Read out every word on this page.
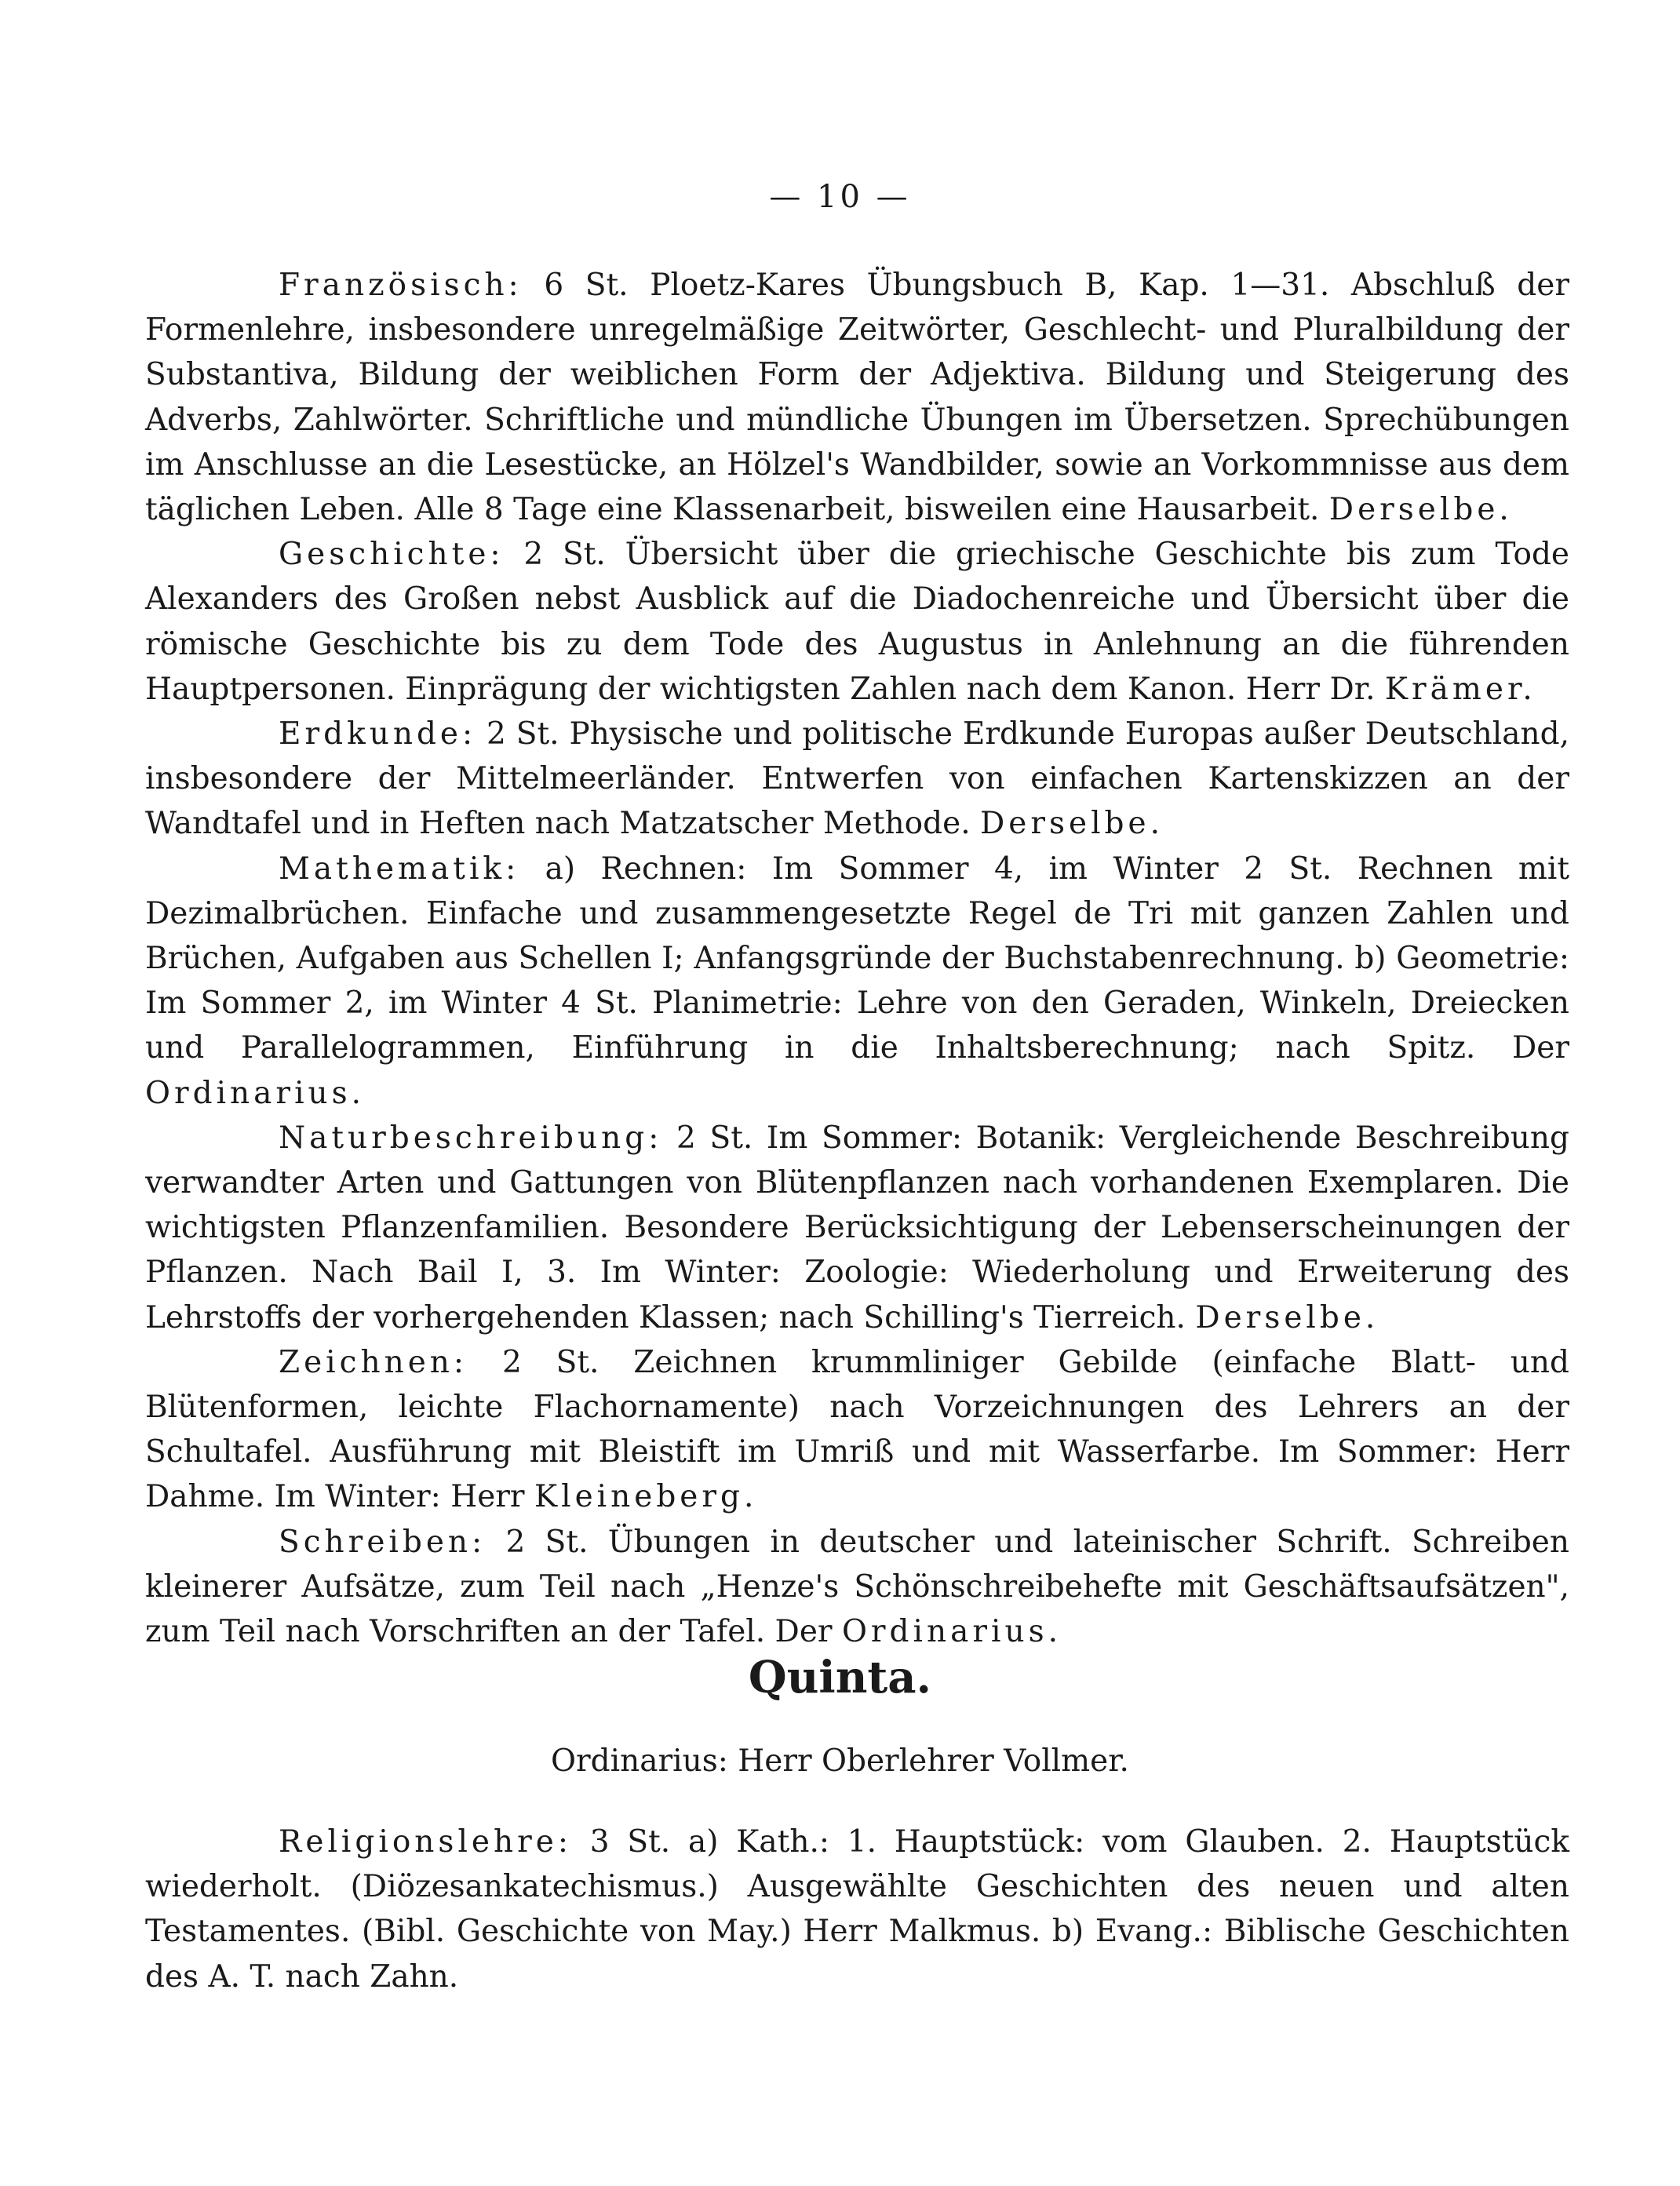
— 10 —

Französisch: 6 St. Ploetz-Kares Übungsbuch B, Kap. 1—31. Abschluß der Formenlehre, insbesondere unregelmäßige Zeitwörter, Geschlecht- und Pluralbildung der Substantiva, Bildung der weiblichen Form der Adjektiva. Bildung und Steigerung des Adverbs, Zahlwörter. Schriftliche und mündliche Übungen im Übersetzen. Sprechübungen im Anschlusse an die Lesestücke, an Hölzel's Wandbilder, sowie an Vorkommnisse aus dem täglichen Leben. Alle 8 Tage eine Klassenarbeit, bisweilen eine Hausarbeit. Derselbe.

Geschichte: 2 St. Übersicht über die griechische Geschichte bis zum Tode Alexanders des Großen nebst Ausblick auf die Diadochenreiche und Übersicht über die römische Geschichte bis zu dem Tode des Augustus in Anlehnung an die führenden Hauptpersonen. Einprägung der wichtigsten Zahlen nach dem Kanon. Herr Dr. Krämer.

Erdkunde: 2 St. Physische und politische Erdkunde Europas außer Deutschland, insbesondere der Mittelmeerländer. Entwerfen von einfachen Kartenskizzen an der Wandtafel und in Heften nach Matzatscher Methode. Derselbe.

Mathematik: a) Rechnen: Im Sommer 4, im Winter 2 St. Rechnen mit Dezimalbrüchen. Einfache und zusammengesetzte Regel de Tri mit ganzen Zahlen und Brüchen, Aufgaben aus Schellen I; Anfangsgründe der Buchstabenrechnung. b) Geometrie: Im Sommer 2, im Winter 4 St. Planimetrie: Lehre von den Geraden, Winkeln, Dreiecken und Parallelogrammen, Einführung in die Inhaltsberechnung; nach Spitz. Der Ordinarius.

Naturbeschreibung: 2 St. Im Sommer: Botanik: Vergleichende Beschreibung verwandter Arten und Gattungen von Blütenpflanzen nach vorhandenen Exemplaren. Die wichtigsten Pflanzenfamilien. Besondere Berücksichtigung der Lebenserscheinungen der Pflanzen. Nach Bail I, 3. Im Winter: Zoologie: Wiederholung und Erweiterung des Lehrstoffs der vorhergehenden Klassen; nach Schilling's Tierreich. Derselbe.

Zeichnen: 2 St. Zeichnen krummliniger Gebilde (einfache Blatt- und Blütenformen, leichte Flachornamente) nach Vorzeichnungen des Lehrers an der Schultafel. Ausführung mit Bleistift im Umriß und mit Wasserfarbe. Im Sommer: Herr Dahme. Im Winter: Herr Kleineberg.

Schreiben: 2 St. Übungen in deutscher und lateinischer Schrift. Schreiben kleinerer Aufsätze, zum Teil nach „Henze's Schönschreibehefte mit Geschäftsaufsätzen", zum Teil nach Vorschriften an der Tafel. Der Ordinarius.

Quinta.
Ordinarius: Herr Oberlehrer Vollmer.

Religionslehre: 3 St. a) Kath.: 1. Hauptstück: vom Glauben. 2. Hauptstück wiederholt. (Diözesankatechismus.) Ausgewählte Geschichten des neuen und alten Testamentes. (Bibl. Geschichte von May.) Herr Malkmus. b) Evang.: Biblische Geschichten des A. T. nach Zahn.
